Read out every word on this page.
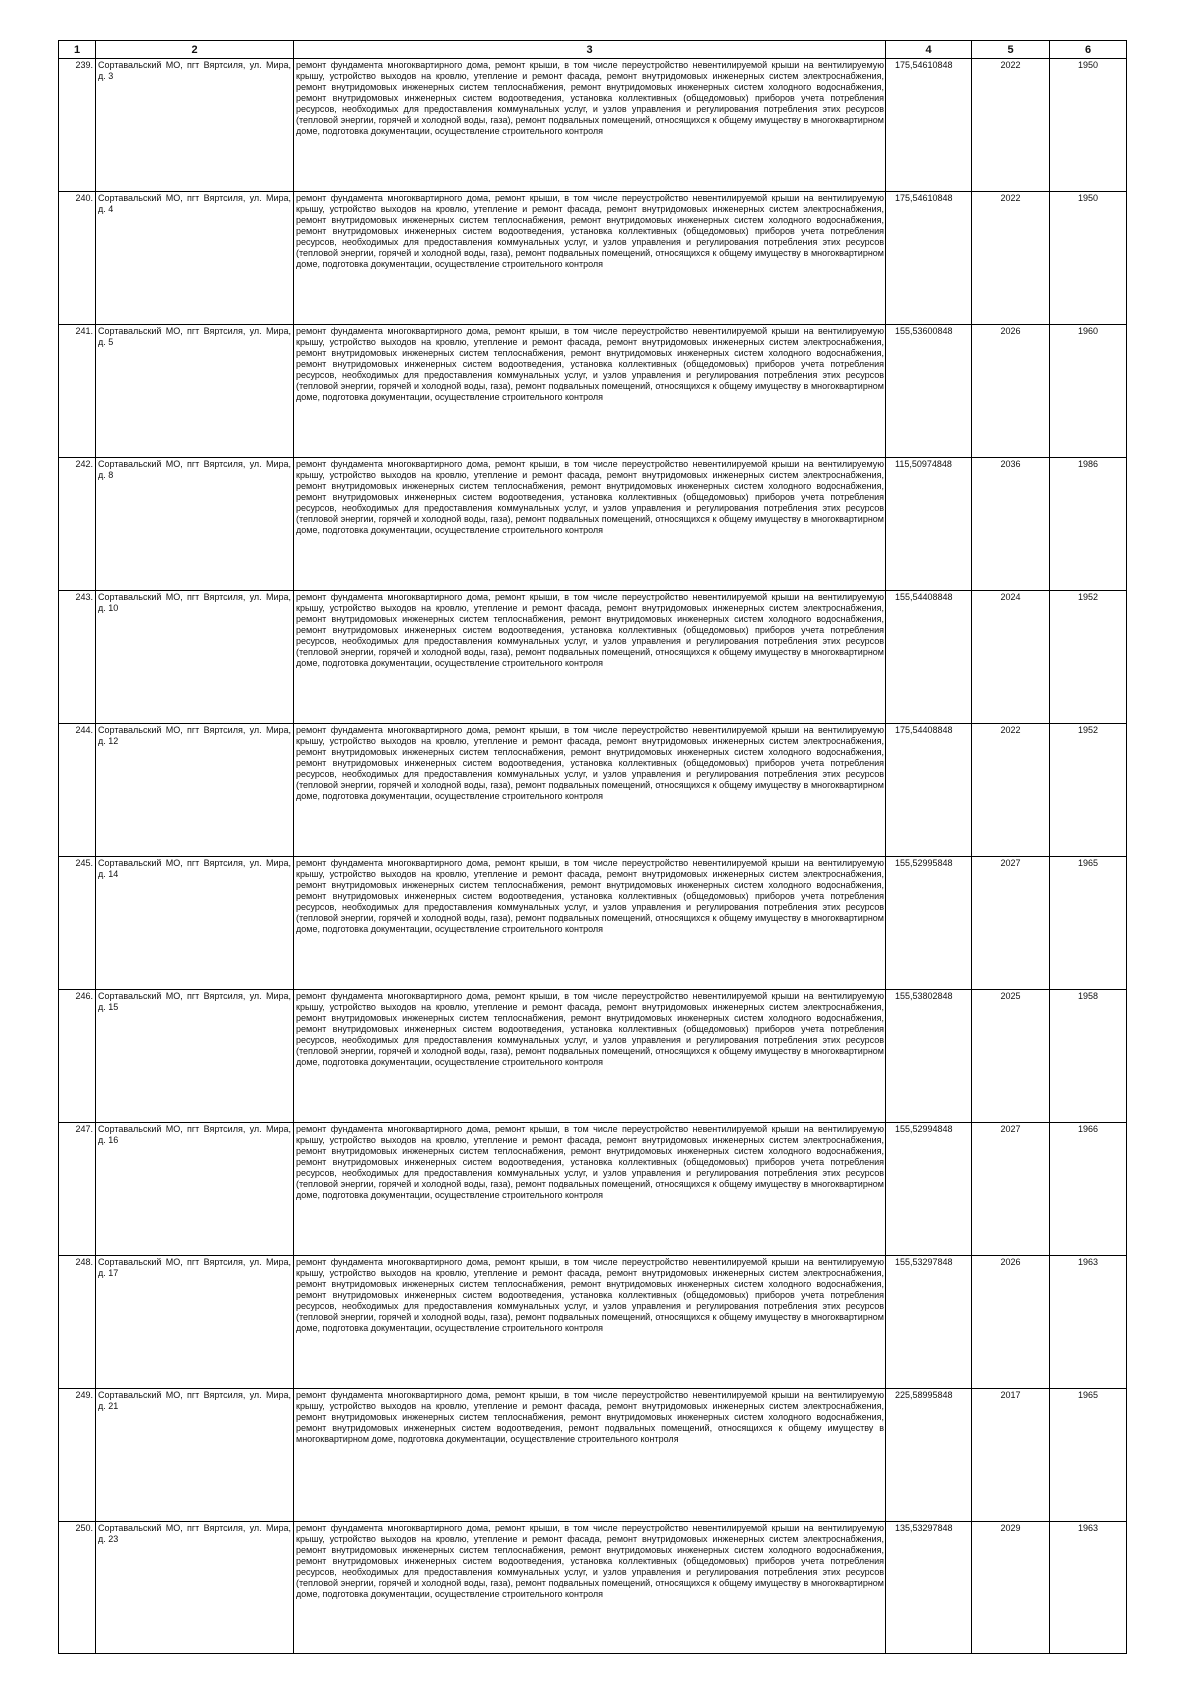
1	2	3	4	5	6
239.	Сортавальский МО, пгт Вяртсиля, ул. Мира, д. 3	ремонт фундамента многоквартирного дома, ремонт крыши, в том числе переустройство невентилируемой крыши на вентилируемую крышу, устройство выходов на кровлю, утепление и ремонт фасада, ремонт внутридомовых инженерных систем электроснабжения, ремонт внутридомовых инженерных систем теплоснабжения, ремонт внутридомовых инженерных систем холодного водоснабжения, ремонт внутридомовых инженерных систем водоотведения, установка коллективных (общедомовых) приборов учета потребления ресурсов, необходимых для предоставления коммунальных услуг, и узлов управления и регулирования потребления этих ресурсов (тепловой энергии, горячей и холодной воды, газа), ремонт подвальных помещений, относящихся к общему имуществу в многоквартирном доме, подготовка документации, осуществление строительного контроля	175,54610848	2022	1950
240.	Сортавальский МО, пгт Вяртсиля, ул. Мира, д. 4	ремонт фундамента многоквартирного дома, ремонт крыши, в том числе переустройство невентилируемой крыши на вентилируемую крышу, устройство выходов на кровлю, утепление и ремонт фасада, ремонт внутридомовых инженерных систем электроснабжения, ремонт внутридомовых инженерных систем теплоснабжения, ремонт внутридомовых инженерных систем холодного водоснабжения, ремонт внутридомовых инженерных систем водоотведения, установка коллективных (общедомовых) приборов учета потребления ресурсов, необходимых для предоставления коммунальных услуг, и узлов управления и регулирования потребления этих ресурсов (тепловой энергии, горячей и холодной воды, газа), ремонт подвальных помещений, относящихся к общему имуществу в многоквартирном доме, подготовка документации, осуществление строительного контроля	175,54610848	2022	1950
241.	Сортавальский МО, пгт Вяртсиля, ул. Мира, д. 5	ремонт фундамента многоквартирного дома, ремонт крыши, в том числе переустройство невентилируемой крыши на вентилируемую крышу, устройство выходов на кровлю, утепление и ремонт фасада, ремонт внутридомовых инженерных систем электроснабжения, ремонт внутридомовых инженерных систем теплоснабжения, ремонт внутридомовых инженерных систем холодного водоснабжения, ремонт внутридомовых инженерных систем водоотведения, установка коллективных (общедомовых) приборов учета потребления ресурсов, необходимых для предоставления коммунальных услуг, и узлов управления и регулирования потребления этих ресурсов (тепловой энергии, горячей и холодной воды, газа), ремонт подвальных помещений, относящихся к общему имуществу в многоквартирном доме, подготовка документации, осуществление строительного контроля	155,53600848	2026	1960
242.	Сортавальский МО, пгт Вяртсиля, ул. Мира, д. 8	ремонт фундамента многоквартирного дома, ремонт крыши, в том числе переустройство невентилируемой крыши на вентилируемую крышу, устройство выходов на кровлю, утепление и ремонт фасада, ремонт внутридомовых инженерных систем электроснабжения, ремонт внутридомовых инженерных систем теплоснабжения, ремонт внутридомовых инженерных систем холодного водоснабжения, ремонт внутридомовых инженерных систем водоотведения, установка коллективных (общедомовых) приборов учета потребления ресурсов, необходимых для предоставления коммунальных услуг, и узлов управления и регулирования потребления этих ресурсов (тепловой энергии, горячей и холодной воды, газа), ремонт подвальных помещений, относящихся к общему имуществу в многоквартирном доме, подготовка документации, осуществление строительного контроля	115,50974848	2036	1986
243.	Сортавальский МО, пгт Вяртсиля, ул. Мира, д. 10	ремонт фундамента многоквартирного дома, ремонт крыши, в том числе переустройство невентилируемой крыши на вентилируемую крышу, устройство выходов на кровлю, утепление и ремонт фасада, ремонт внутридомовых инженерных систем электроснабжения, ремонт внутридомовых инженерных систем теплоснабжения, ремонт внутридомовых инженерных систем холодного водоснабжения, ремонт внутридомовых инженерных систем водоотведения, установка коллективных (общедомовых) приборов учета потребления ресурсов, необходимых для предоставления коммунальных услуг, и узлов управления и регулирования потребления этих ресурсов (тепловой энергии, горячей и холодной воды, газа), ремонт подвальных помещений, относящихся к общему имуществу в многоквартирном доме, подготовка документации, осуществление строительного контроля	155,54408848	2024	1952
244.	Сортавальский МО, пгт Вяртсиля, ул. Мира, д. 12	ремонт фундамента многоквартирного дома, ремонт крыши, в том числе переустройство невентилируемой крыши на вентилируемую крышу, устройство выходов на кровлю, утепление и ремонт фасада, ремонт внутридомовых инженерных систем электроснабжения, ремонт внутридомовых инженерных систем теплоснабжения, ремонт внутридомовых инженерных систем холодного водоснабжения, ремонт внутридомовых инженерных систем водоотведения, установка коллективных (общедомовых) приборов учета потребления ресурсов, необходимых для предоставления коммунальных услуг, и узлов управления и регулирования потребления этих ресурсов (тепловой энергии, горячей и холодной воды, газа), ремонт подвальных помещений, относящихся к общему имуществу в многоквартирном доме, подготовка документации, осуществление строительного контроля	175,54408848	2022	1952
245.	Сортавальский МО, пгт Вяртсиля, ул. Мира, д. 14	ремонт фундамента многоквартирного дома, ремонт крыши, в том числе переустройство невентилируемой крыши на вентилируемую крышу, устройство выходов на кровлю, утепление и ремонт фасада, ремонт внутридомовых инженерных систем электроснабжения, ремонт внутридомовых инженерных систем теплоснабжения, ремонт внутридомовых инженерных систем холодного водоснабжения, ремонт внутридомовых инженерных систем водоотведения, установка коллективных (общедомовых) приборов учета потребления ресурсов, необходимых для предоставления коммунальных услуг, и узлов управления и регулирования потребления этих ресурсов (тепловой энергии, горячей и холодной воды, газа), ремонт подвальных помещений, относящихся к общему имуществу в многоквартирном доме, подготовка документации, осуществление строительного контроля	155,52995848	2027	1965
246.	Сортавальский МО, пгт Вяртсиля, ул. Мира, д. 15	ремонт фундамента многоквартирного дома, ремонт крыши, в том числе переустройство невентилируемой крыши на вентилируемую крышу, устройство выходов на кровлю, утепление и ремонт фасада, ремонт внутридомовых инженерных систем электроснабжения, ремонт внутридомовых инженерных систем теплоснабжения, ремонт внутридомовых инженерных систем холодного водоснабжения, ремонт внутридомовых инженерных систем водоотведения, установка коллективных (общедомовых) приборов учета потребления ресурсов, необходимых для предоставления коммунальных услуг, и узлов управления и регулирования потребления этих ресурсов (тепловой энергии, горячей и холодной воды, газа), ремонт подвальных помещений, относящихся к общему имуществу в многоквартирном доме, подготовка документации, осуществление строительного контроля	155,53802848	2025	1958
247.	Сортавальский МО, пгт Вяртсиля, ул. Мира, д. 16	ремонт фундамента многоквартирного дома, ремонт крыши, в том числе переустройство невентилируемой крыши на вентилируемую крышу, устройство выходов на кровлю, утепление и ремонт фасада, ремонт внутридомовых инженерных систем электроснабжения, ремонт внутридомовых инженерных систем теплоснабжения, ремонт внутридомовых инженерных систем холодного водоснабжения, ремонт внутридомовых инженерных систем водоотведения, установка коллективных (общедомовых) приборов учета потребления ресурсов, необходимых для предоставления коммунальных услуг, и узлов управления и регулирования потребления этих ресурсов (тепловой энергии, горячей и холодной воды, газа), ремонт подвальных помещений, относящихся к общему имуществу в многоквартирном доме, подготовка документации, осуществление строительного контроля	155,52994848	2027	1966
248.	Сортавальский МО, пгт Вяртсиля, ул. Мира, д. 17	ремонт фундамента многоквартирного дома, ремонт крыши, в том числе переустройство невентилируемой крыши на вентилируемую крышу, устройство выходов на кровлю, утепление и ремонт фасада, ремонт внутридомовых инженерных систем электроснабжения, ремонт внутридомовых инженерных систем теплоснабжения, ремонт внутридомовых инженерных систем холодного водоснабжения, ремонт внутридомовых инженерных систем водоотведения, установка коллективных (общедомовых) приборов учета потребления ресурсов, необходимых для предоставления коммунальных услуг, и узлов управления и регулирования потребления этих ресурсов (тепловой энергии, горячей и холодной воды, газа), ремонт подвальных помещений, относящихся к общему имуществу в многоквартирном доме, подготовка документации, осуществление строительного контроля	155,53297848	2026	1963
249.	Сортавальский МО, пгт Вяртсиля, ул. Мира, д. 21	ремонт фундамента многоквартирного дома, ремонт крыши, в том числе переустройство невентилируемой крыши на вентилируемую крышу, устройство выходов на кровлю, утепление и ремонт фасада, ремонт внутридомовых инженерных систем электроснабжения, ремонт внутридомовых инженерных систем теплоснабжения, ремонт внутридомовых инженерных систем холодного водоснабжения, ремонт внутридомовых инженерных систем водоотведения, ремонт подвальных помещений, относящихся к общему имуществу в многоквартирном доме, подготовка документации, осуществление строительного контроля	225,58995848	2017	1965
250.	Сортавальский МО, пгт Вяртсиля, ул. Мира, д. 23	ремонт фундамента многоквартирного дома, ремонт крыши, в том числе переустройство невентилируемой крыши на вентилируемую крышу, устройство выходов на кровлю, утепление и ремонт фасада, ремонт внутридомовых инженерных систем электроснабжения, ремонт внутридомовых инженерных систем теплоснабжения, ремонт внутридомовых инженерных систем холодного водоснабжения, ремонт внутридомовых инженерных систем водоотведения, установка коллективных (общедомовых) приборов учета потребления ресурсов, необходимых для предоставления коммунальных услуг, и узлов управления и регулирования потребления этих ресурсов (тепловой энергии, горячей и холодной воды, газа), ремонт подвальных помещений, относящихся к общему имуществу в многоквартирном доме, подготовка документации, осуществление строительного контроля	135,53297848	2029	1963
